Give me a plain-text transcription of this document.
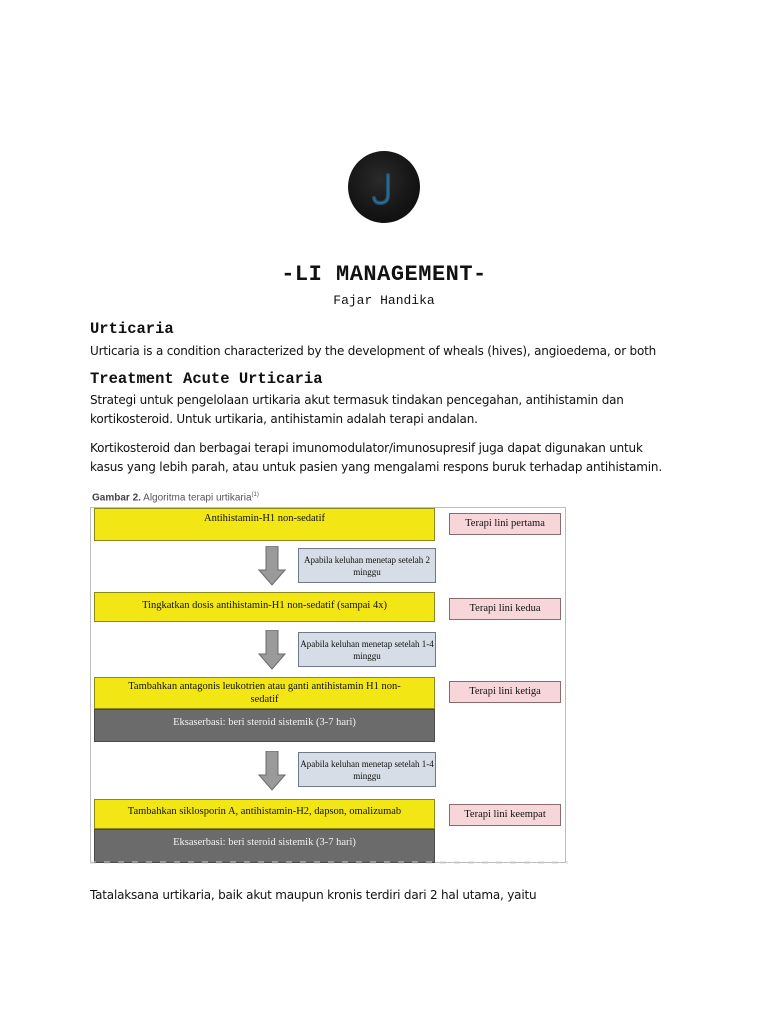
-LI MANAGEMENT-
Fajar Handika
Urticaria
Urticaria is a condition characterized by the development of wheals (hives), angioedema, or both
Treatment Acute Urticaria
Strategi untuk pengelolaan urtikaria akut termasuk tindakan pencegahan, antihistamin dan kortikosteroid. Untuk urtikaria, antihistamin adalah terapi andalan.
Kortikosteroid dan berbagai terapi imunomodulator/imunosupresif juga dapat digunakan untuk kasus yang lebih parah, atau untuk pasien yang mengalami respons buruk terhadap antihistamin.
Gambar 2. Algoritma terapi urtikaria$^{(1)}$
Antihistamin-H1 non-sedatif	Terapi lini pertama
Apabila keluhan menetap setelah 2 minggu
Tingkatkan dosis antihistamin-H1 non-sedatif (sampai 4x)	Terapi lini kedua
Apabila keluhan menetap setelah 1-4 minggu
Tambahkan antagonis leukotrien atau ganti antihistamin H1 non-sedatif
Terapi lini ketiga
Eksaserbasi: beri steroid sistemik (3-7 hari)
Apabila keluhan menetap setelah 1-4 minggu
Tambahkan siklosporin A, antihistamin-H2, dapson, omalizumab	Terapi lini keempat
Eksaserbasi: beri steroid sistemik (3-7 hari)
Tatalaksana urtikaria, baik akut maupun kronis terdiri dari 2 hal utama, yaitu
